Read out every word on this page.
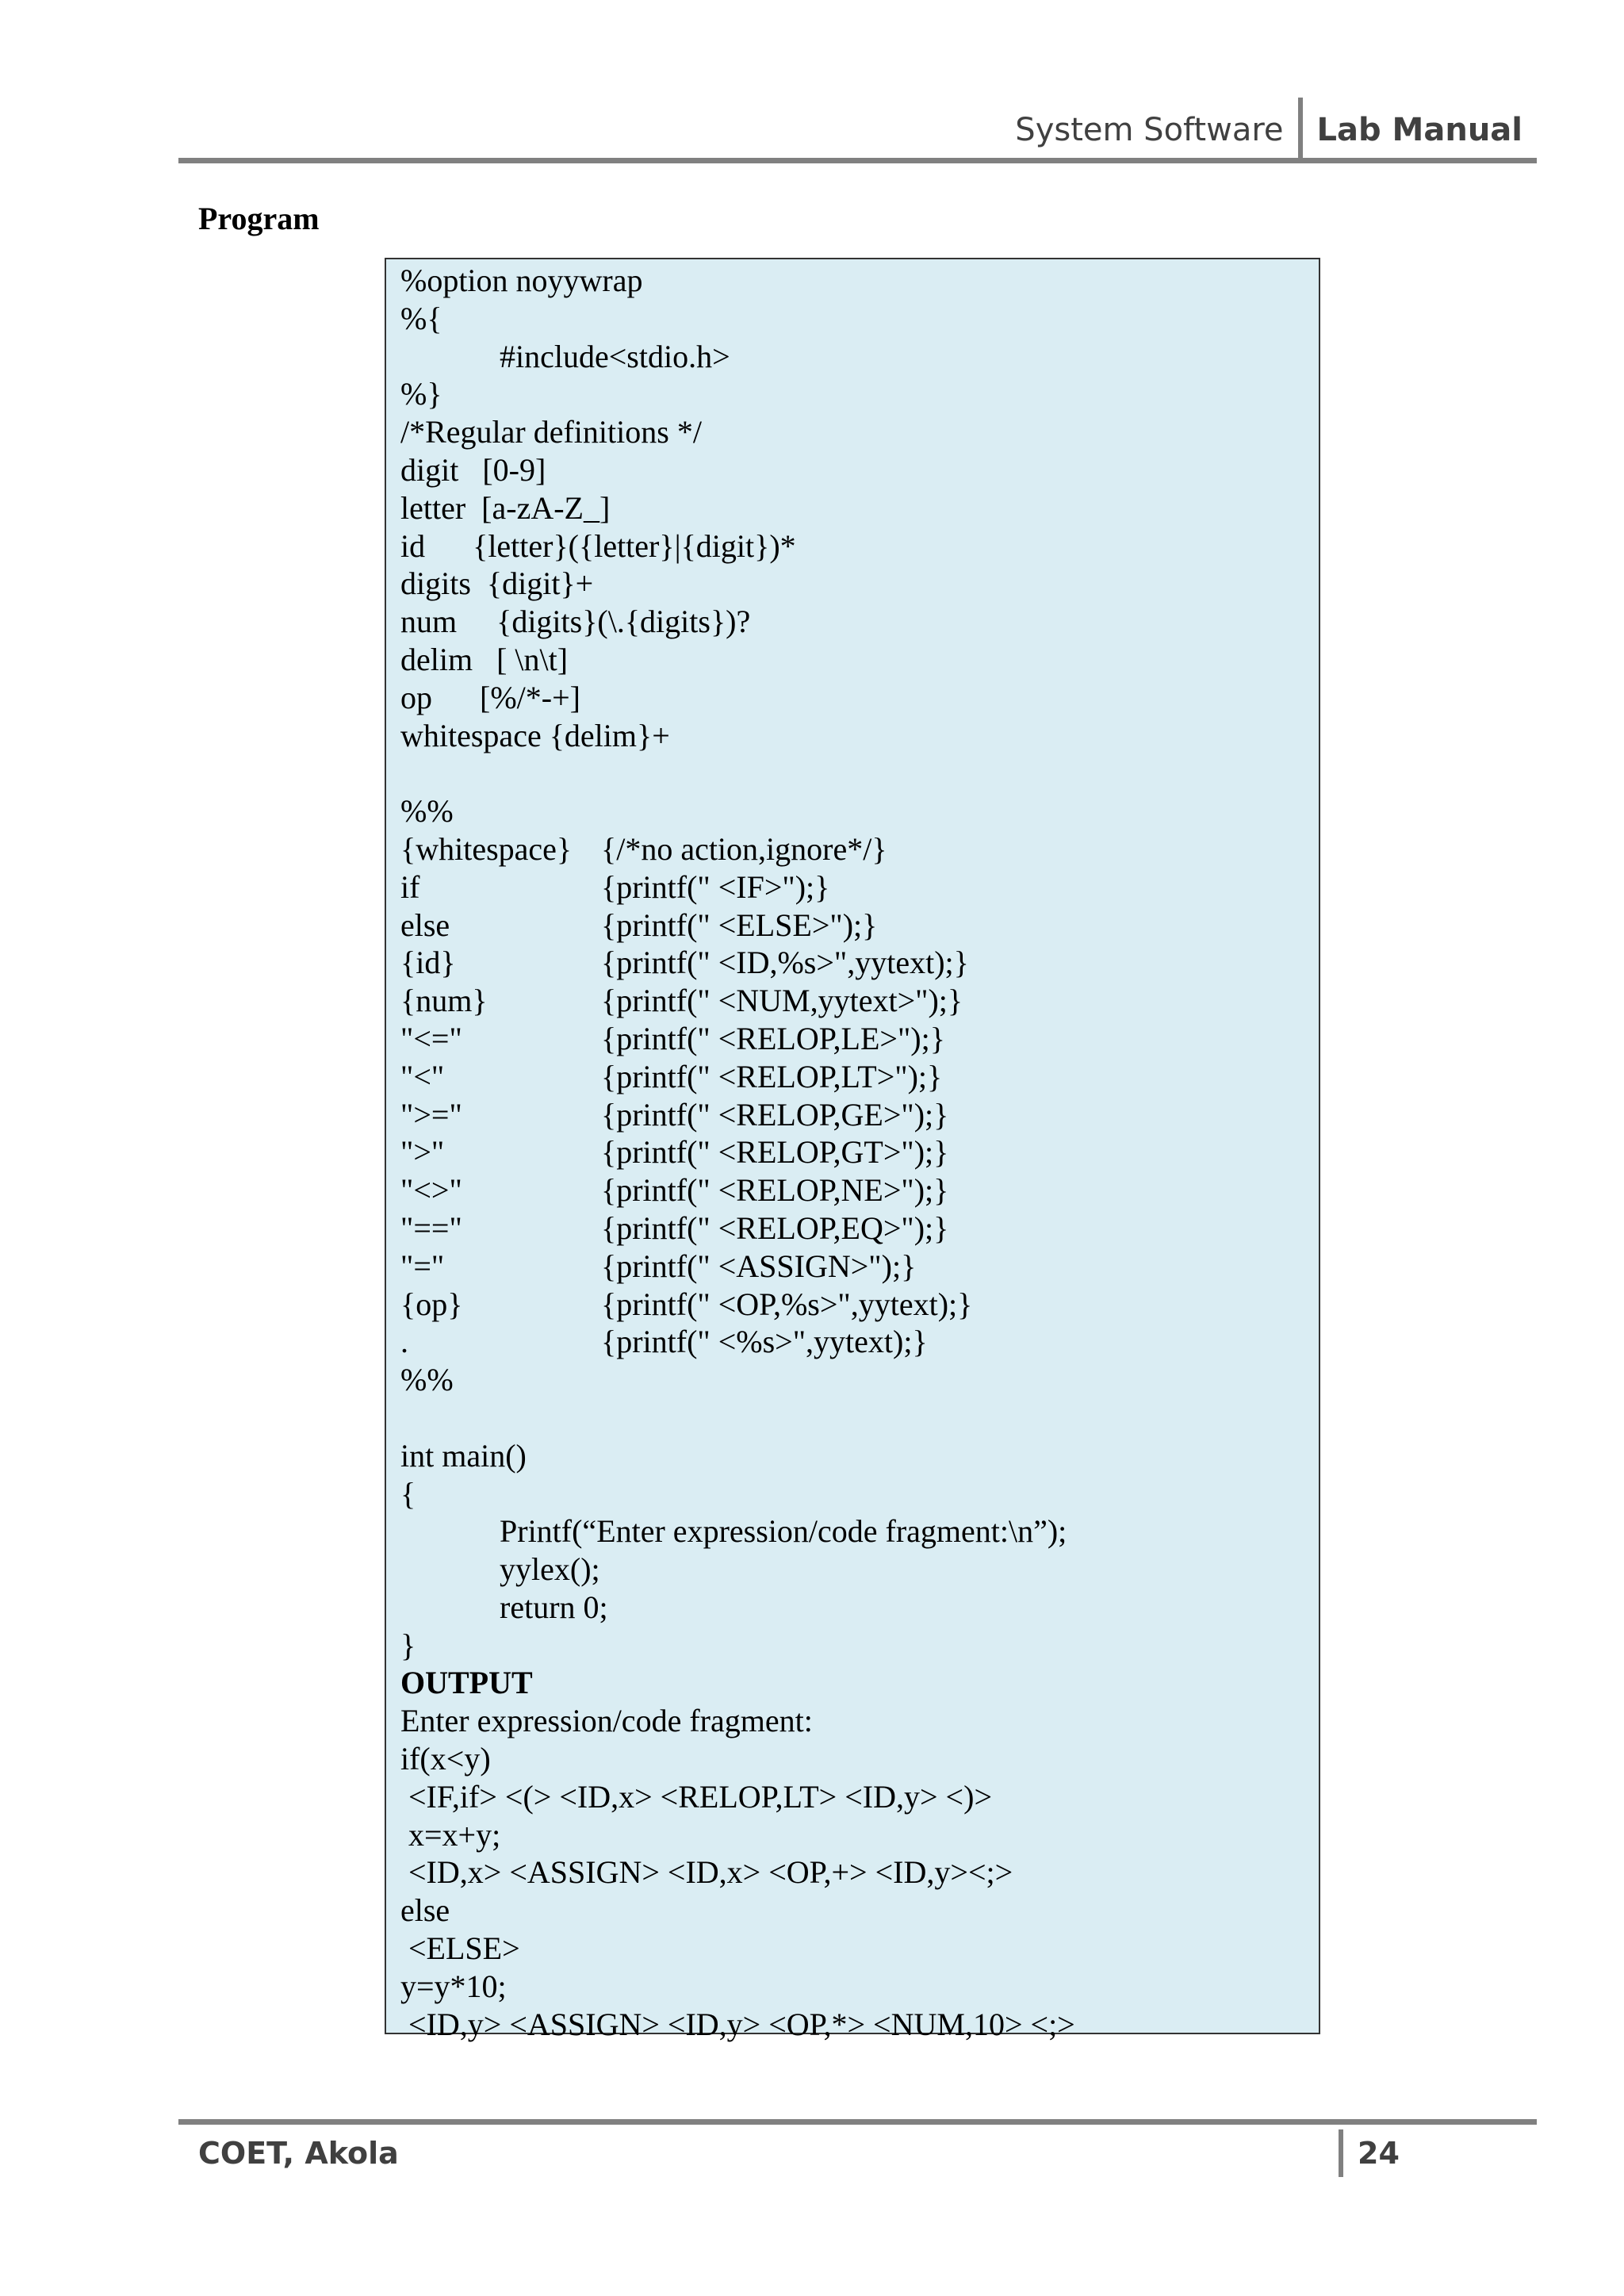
System Software	Lab Manual
Program
%option noyywrap
%{
#include<stdio.h>
%}
/*Regular definitions */
digit   [0-9]
letter  [a-zA-Z_]
id      {letter}({letter}|{digit})*
digits  {digit}+
num     {digits}(\.{digits})?
delim   [ \n\t]
op      [%/*-+]
whitespace {delim}+
%%
{whitespace} {/*no action,ignore*/}
if	{printf(" <IF>");}
else	{printf(" <ELSE>");}
{id}	{printf(" <ID,%s>",yytext);}
{num}	{printf(" <NUM,yytext>");}
"<="	{printf(" <RELOP,LE>");}
"<"	{printf(" <RELOP,LT>");}
">="	{printf(" <RELOP,GE>");}
">"	{printf(" <RELOP,GT>");}
"<>"	{printf(" <RELOP,NE>");}
"=="	{printf(" <RELOP,EQ>");}
"="	{printf(" <ASSIGN>");}
{op}	{printf(" <OP,%s>",yytext);}
.	{printf(" <%s>",yytext);}
%%
int main()
{
Printf(“Enter expression/code fragment:\n”);
yylex();
return 0;
}
OUTPUT
Enter expression/code fragment:
if(x<y)
<IF,if> <(> <ID,x> <RELOP,LT> <ID,y> <)>
x=x+y;
<ID,x> <ASSIGN> <ID,x> <OP,+> <ID,y><;>
else
<ELSE>
y=y*10;
<ID,y> <ASSIGN> <ID,y> <OP,*> <NUM,10> <;>
COET, Akola	24
